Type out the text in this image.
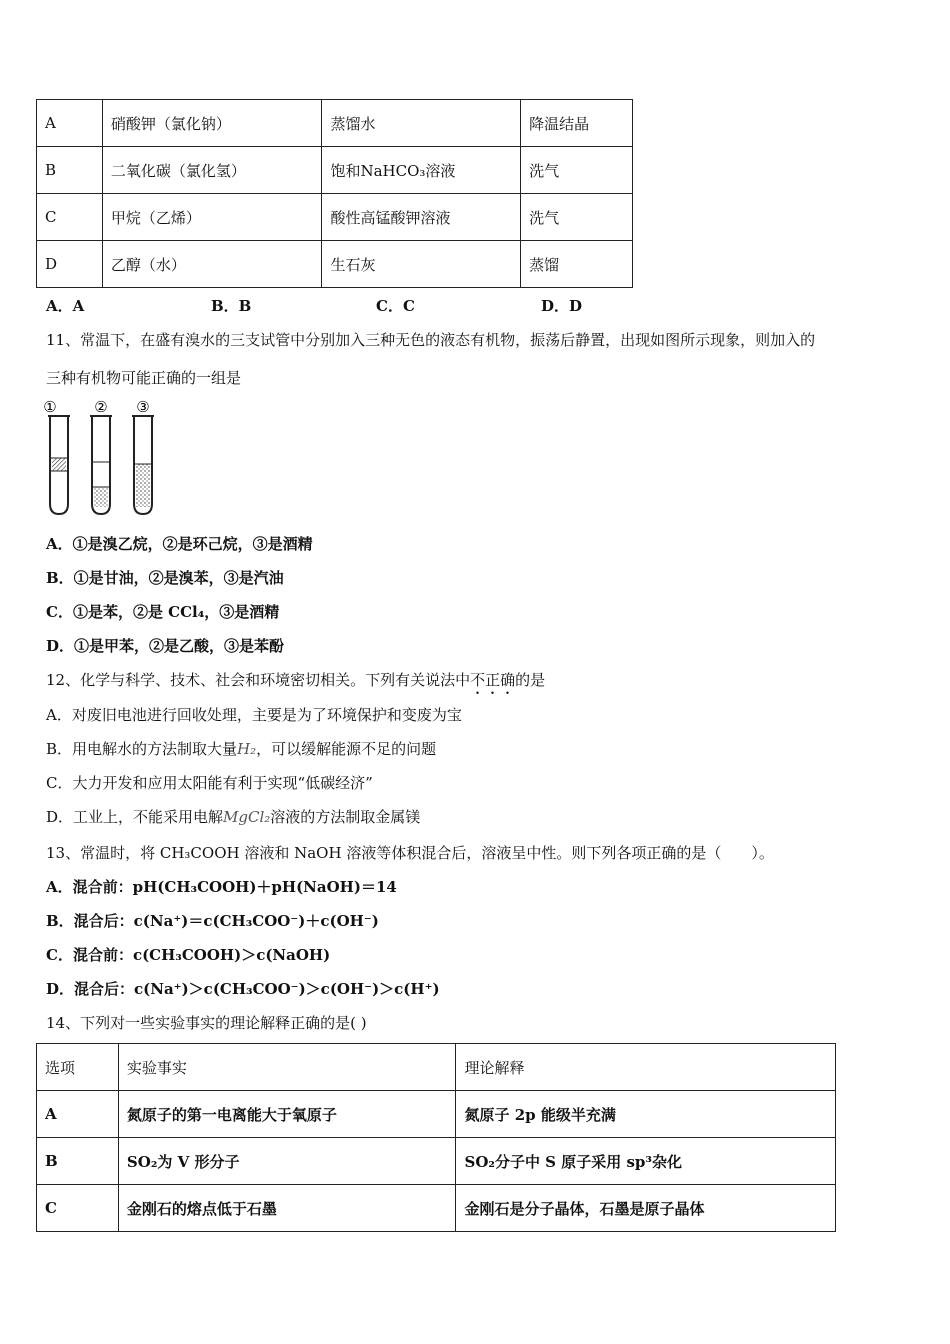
A	硝酸钾（氯化钠）	蒸馏水	降温结晶
B	二氧化碳（氯化氢）	饱和NaHCO₃溶液	洗气
C	甲烷（乙烯）	酸性高锰酸钾溶液	洗气
D	乙醇（水）	生石灰	蒸馏
A．A	B．B	C．C	D．D
11、常温下，在盛有溴水的三支试管中分别加入三种无色的液态有机物，振荡后静置，出现如图所示现象，则加入的
三种有机物可能正确的一组是
①	② ③
A．①是溴乙烷，②是环己烷，③是酒精
B．①是甘油，②是溴苯，③是汽油
C．①是苯，②是 CCl₄，③是酒精
D．①是甲苯，②是乙酸，③是苯酚
12、化学与科学、技术、社会和环境密切相关。下列有关说法中不正确的是
A．对废旧电池进行回收处理，主要是为了环境保护和变废为宝
B．用电解水的方法制取大量H₂，可以缓解能源不足的问题
C．大力开发和应用太阳能有利于实现“低碳经济”
D．工业上，不能采用电解MgCl₂溶液的方法制取金属镁
13、常温时，将 CH₃COOH 溶液和 NaOH 溶液等体积混合后，溶液呈中性。则下列各项正确的是（　　）。
A．混合前：pH(CH₃COOH)＋pH(NaOH)＝14
B．混合后：c(Na⁺)＝c(CH₃COO⁻)＋c(OH⁻)
C．混合前：c(CH₃COOH)＞c(NaOH)
D．混合后：c(Na⁺)＞c(CH₃COO⁻)＞c(OH⁻)＞c(H⁺)
14、下列对一些实验事实的理论解释正确的是( )
选项	实验事实	理论解释
A	氮原子的第一电离能大于氧原子	氮原子 2p 能级半充满
B	SO₂为 V 形分子	SO₂分子中 S 原子采用 sp³杂化
C	金刚石的熔点低于石墨	金刚石是分子晶体，石墨是原子晶体
